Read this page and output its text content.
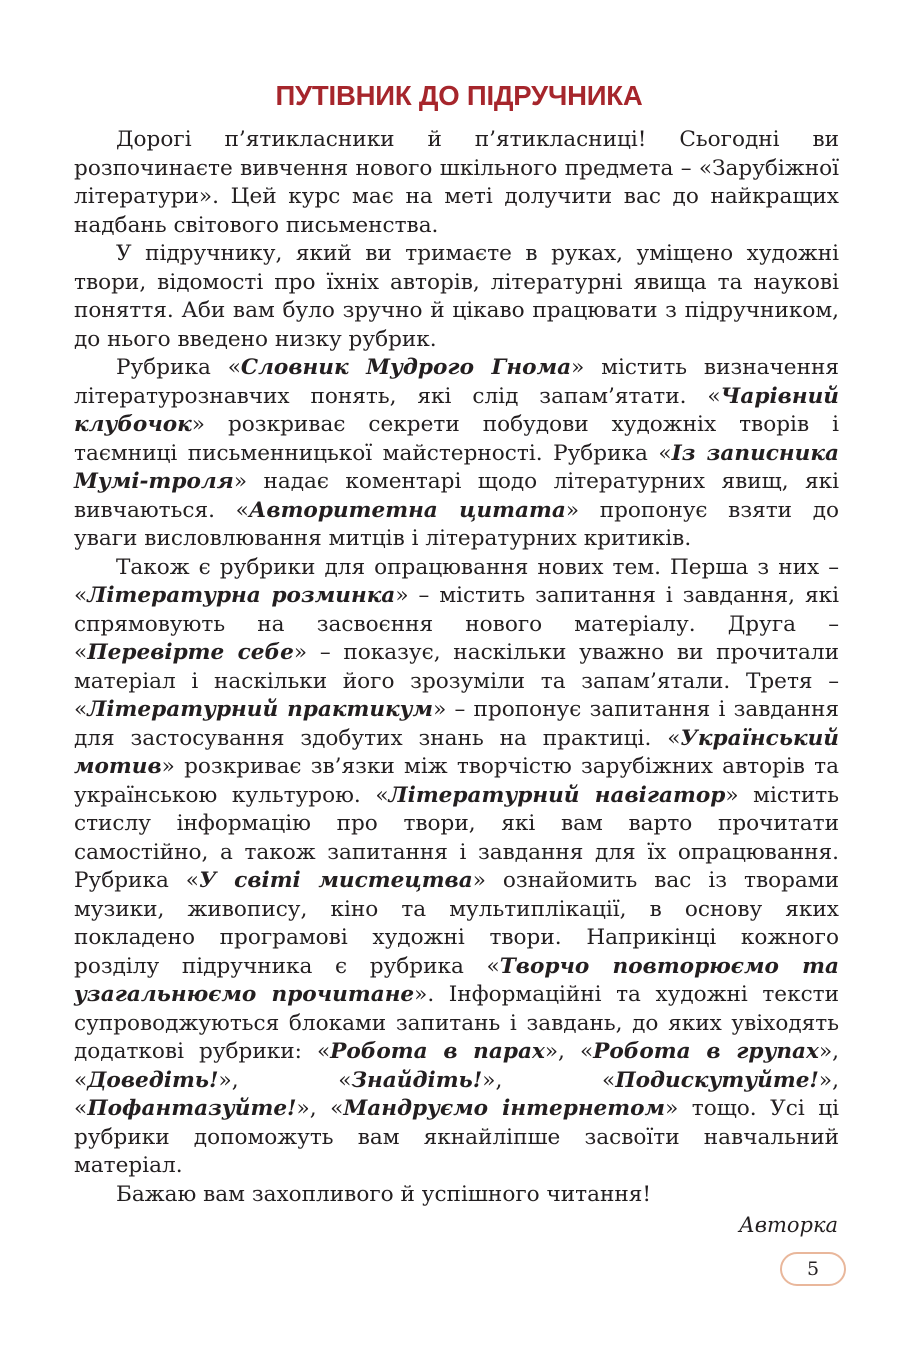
ПУТІВНИК ДО ПІДРУЧНИКА

Дорогі п’ятикласники й п’ятикласниці! Сьогодні ви розпочинаєте вивчення нового шкільного предмета – «Зарубіжної літератури». Цей курс має на меті долучити вас до найкращих надбань світового письменства.

У підручнику, який ви тримаєте в руках, уміщено художні твори, відомості про їхніх авторів, літературні явища та наукові поняття. Аби вам було зручно й цікаво працювати з підручником, до нього введено низку рубрик.

Рубрика «Словник Мудрого Гнома» містить визначення літературознавчих понять, які слід запам’ятати. «Чарівний клубочок» розкриває секрети побудови художніх творів і таємниці письменницької майстерності. Рубрика «Із записника Мумі-троля» надає коментарі щодо літературних явищ, які вивчаються. «Авторитетна цитата» пропонує взяти до уваги висловлювання митців і літературних критиків.

Також є рубрики для опрацювання нових тем. Перша з них – «Літературна розминка» – містить запитання і завдання, які спрямовують на засвоєння нового матеріалу. Друга – «Перевірте себе» – показує, наскільки уважно ви прочитали матеріал і наскільки його зрозуміли та запам’ятали. Третя – «Літературний практикум» – пропонує запитання і завдання для застосування здобутих знань на практиці. «Український мотив» розкриває зв’язки між творчістю зарубіжних авторів та українською культурою. «Літературний навігатор» містить стислу інформацію про твори, які вам варто прочитати самостійно, а також запитання і завдання для їх опрацювання. Рубрика «У світі мистецтва» ознайомить вас із творами музики, живопису, кіно та мультиплікації, в основу яких покладено програмові художні твори. Наприкінці кожного розділу підручника є рубрика «Творчо повторюємо та узагальнюємо прочитане». Інформаційні та художні тексти супроводжуються блоками запитань і завдань, до яких увіходять додаткові рубрики: «Робота в парах», «Робота в групах», «Доведіть!», «Знайдіть!», «Подискутуйте!», «Пофантазуйте!», «Мандруємо інтернетом» тощо. Усі ці рубрики допоможуть вам якнайліпше засвоїти навчальний матеріал.

Бажаю вам захопливого й успішного читання!

Авторка
5
